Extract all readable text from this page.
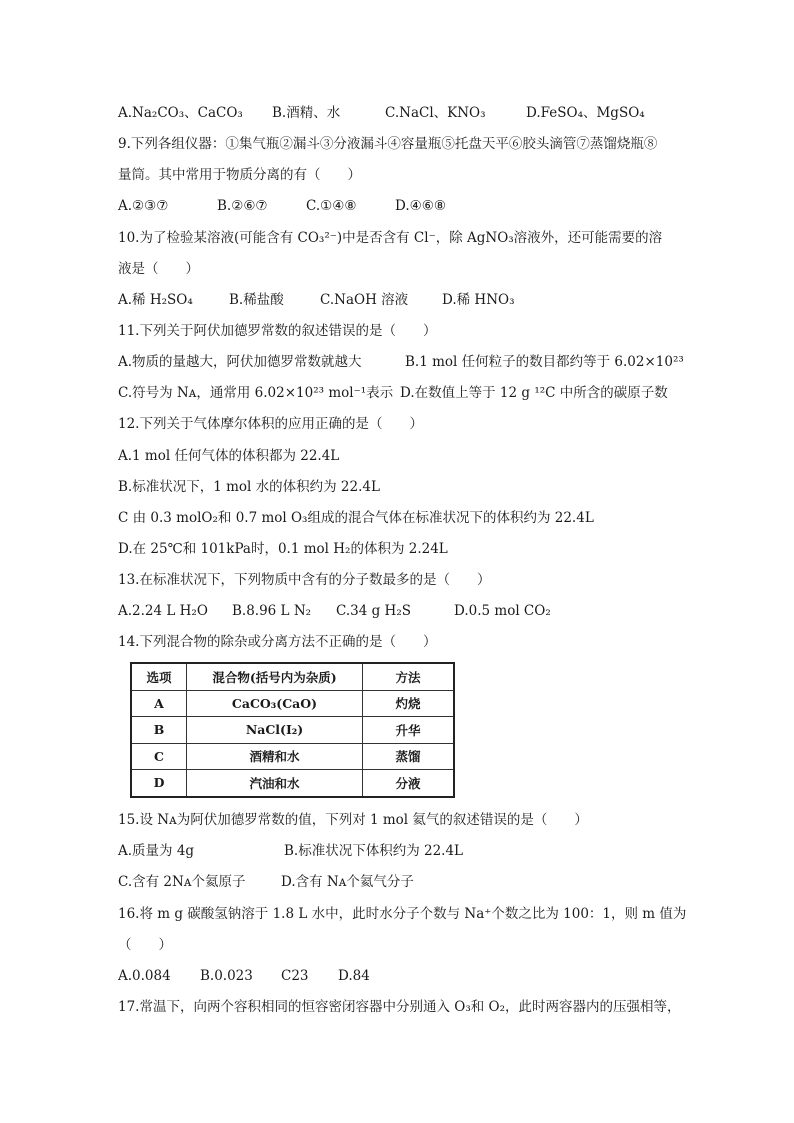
A.Na₂CO₃、CaCO₃ B.酒精、水	C.NaCl、KNO₃	D.FeSO₄、MgSO₄
9.下列各组仪器：①集气瓶②漏斗③分液漏斗④容量瓶⑤托盘天平⑥胶头滴管⑦蒸馏烧瓶⑧
量筒。其中常用于物质分离的有（　　）
A.②③⑦	B.②⑥⑦	C.①④⑧	D.④⑥⑧
10.为了检验某溶液(可能含有 CO₃²⁻)中是否含有 Cl⁻，除 AgNO₃溶液外，还可能需要的溶
液是（　　）
A.稀 H₂SO₄	B.稀盐酸	C.NaOH 溶液	D.稀 HNO₃
11.下列关于阿伏加德罗常数的叙述错误的是（　　）
A.物质的量越大，阿伏加德罗常数就越大	B.1 mol 任何粒子的数目都约等于 6.02×10²³
C.符号为 Nᴀ，通常用 6.02×10²³ mol⁻¹表示 D.在数值上等于 12 g ¹²C 中所含的碳原子数
12.下列关于气体摩尔体积的应用正确的是（　　）
A.1 mol 任何气体的体积都为 22.4L
B.标准状况下，1 mol 水的体积约为 22.4L
C 由 0.3 molO₂和 0.7 mol O₃组成的混合气体在标准状况下的体积约为 22.4L
D.在 25℃和 101kPa时，0.1 mol H₂的体积为 2.24L
13.在标准状况下，下列物质中含有的分子数最多的是（　　）
A.2.24 L H₂O B.8.96 L N₂ C.34 g H₂S	D.0.5 mol CO₂
14.下列混合物的除杂或分离方法不正确的是（　　）
选项	混合物(括号内为杂质)	方法
A	CaCO₃(CaO)	灼烧
B	NaCl(I₂)	升华
C	酒精和水	蒸馏
D	汽油和水	分液
15.设 Nᴀ为阿伏加德罗常数的值，下列对 1 mol 氦气的叙述错误的是（　　）
A.质量为 4g	B.标准状况下体积约为 22.4L
C.含有 2Nᴀ个氦原子	D.含有 Nᴀ个氦气分子
16.将 m g 碳酸氢钠溶于 1.8 L 水中，此时水分子个数与 Na⁺个数之比为 100：1，则 m 值为
（　　）
A.0.084 B.0.023 C23 D.84
17.常温下，向两个容积相同的恒容密闭容器中分别通入 O₃和 O₂，此时两容器内的压强相等，
